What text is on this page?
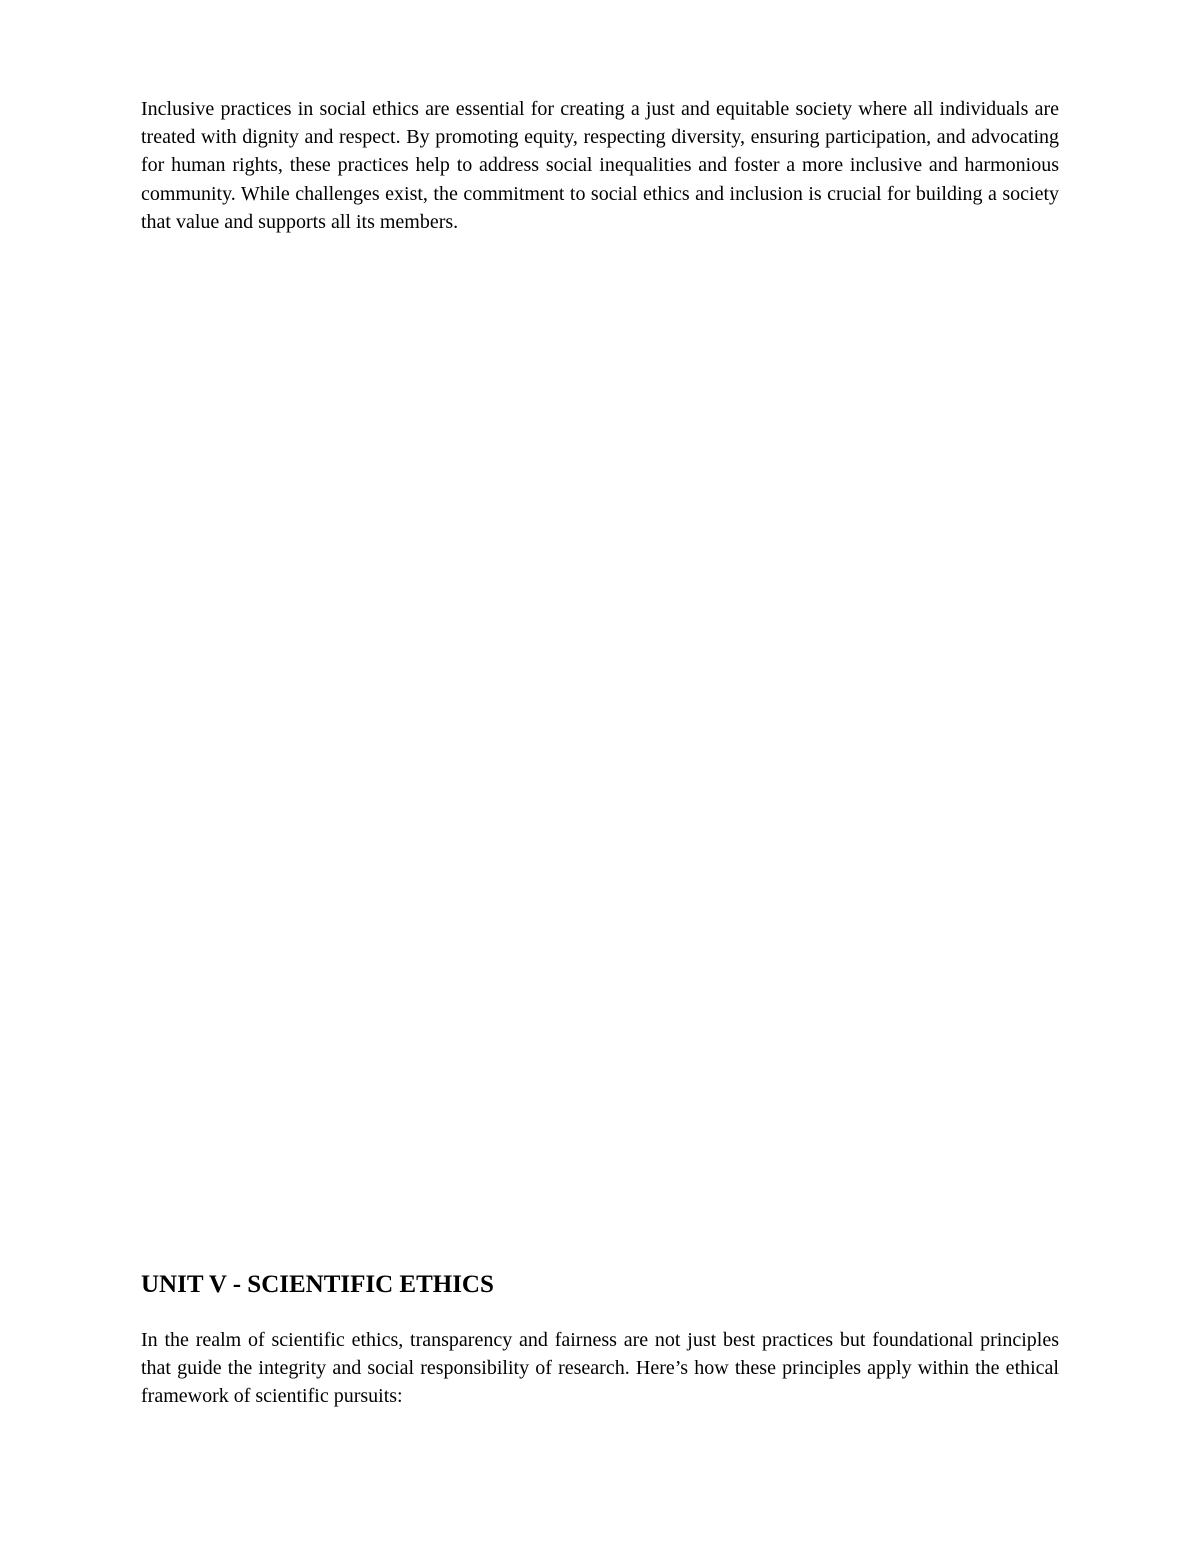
Inclusive practices in social ethics are essential for creating a just and equitable society where all individuals are treated with dignity and respect. By promoting equity, respecting diversity, ensuring participation, and advocating for human rights, these practices help to address social inequalities and foster a more inclusive and harmonious community. While challenges exist, the commitment to social ethics and inclusion is crucial for building a society that value and supports all its members.

UNIT V - SCIENTIFIC ETHICS

In the realm of scientific ethics, transparency and fairness are not just best practices but foundational principles that guide the integrity and social responsibility of research. Here’s how these principles apply within the ethical framework of scientific pursuits:
